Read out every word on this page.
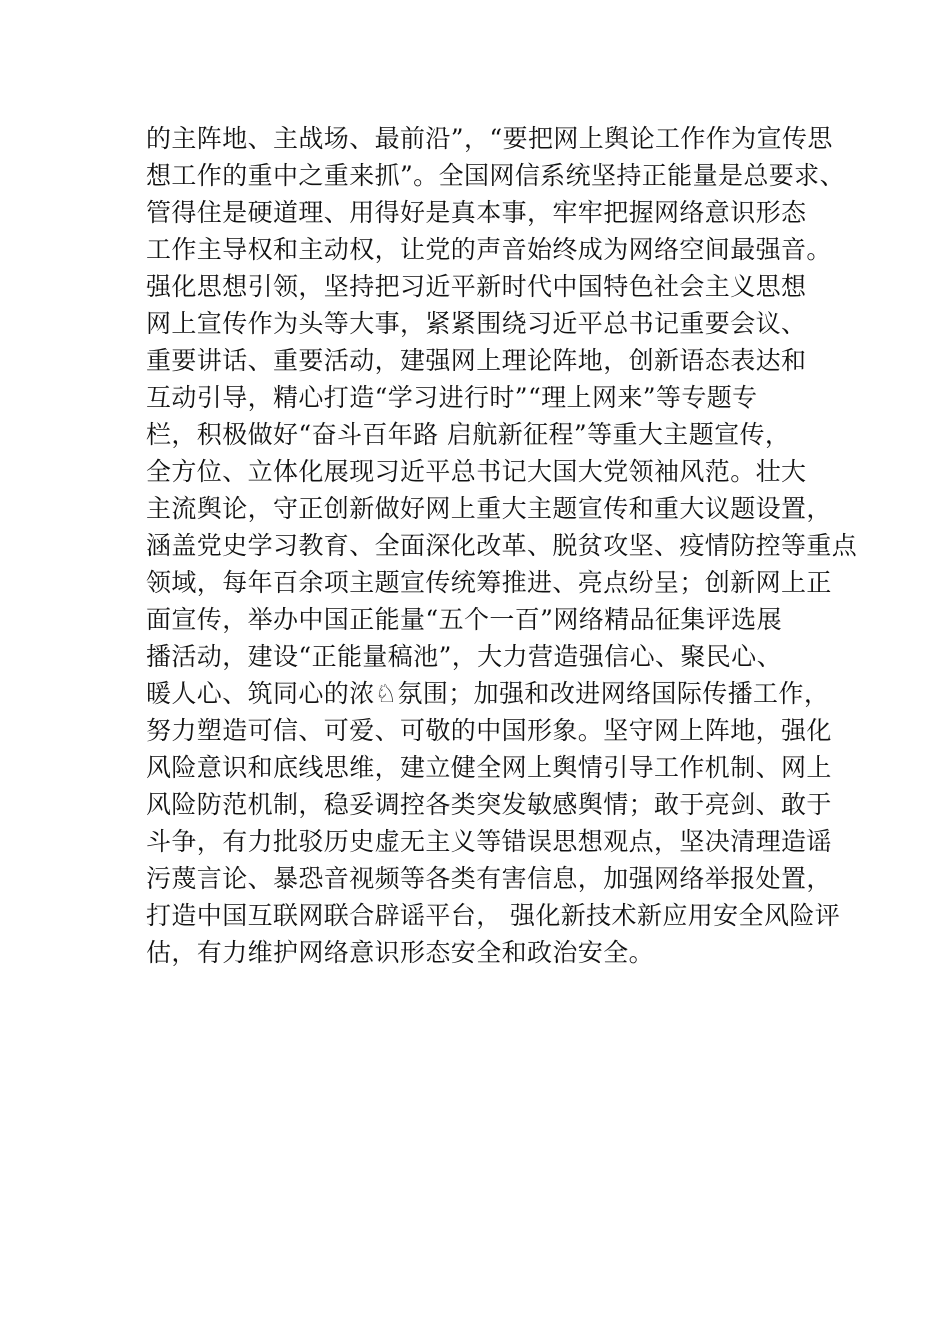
的主阵地、主战场、最前沿”，“要把网上舆论工作作为宣传思
想工作的重中之重来抓”。全国网信系统坚持正能量是总要求、
管得住是硬道理、用得好是真本事，牢牢把握网络意识形态
工作主导权和主动权，让党的声音始终成为网络空间最强音。
强化思想引领，坚持把习近平新时代中国特色社会主义思想
网上宣传作为头等大事，紧紧围绕习近平总书记重要会议、
重要讲话、重要活动，建强网上理论阵地，创新语态表达和
互动引导，精心打造“学习进行时”“理上网来”等专题专
栏，积极做好“奋斗百年路 启航新征程”等重大主题宣传，
全方位、立体化展现习近平总书记大国大党领袖风范。壮大
主流舆论，守正创新做好网上重大主题宣传和重大议题设置，
涵盖党史学习教育、全面深化改革、脱贫攻坚、疫情防控等重点
领域，每年百余项主题宣传统筹推进、亮点纷呈；创新网上正
面宣传，举办中国正能量“五个一百”网络精品征集评选展
播活动，建设“正能量稿池”，大力营造强信心、聚民心、
暖人心、筑同心的浓♘氛围；加强和改进网络国际传播工作，
努力塑造可信、可爱、可敬的中国形象。坚守网上阵地，强化
风险意识和底线思维，建立健全网上舆情引导工作机制、网上
风险防范机制，稳妥调控各类突发敏感舆情；敢于亮剑、敢于
斗争，有力批驳历史虚无主义等错误思想观点，坚决清理造谣
污蔑言论、暴恐音视频等各类有害信息，加强网络举报处置，
打造中国互联网联合辟谣平台， 强化新技术新应用安全风险评
估，有力维护网络意识形态安全和政治安全。
